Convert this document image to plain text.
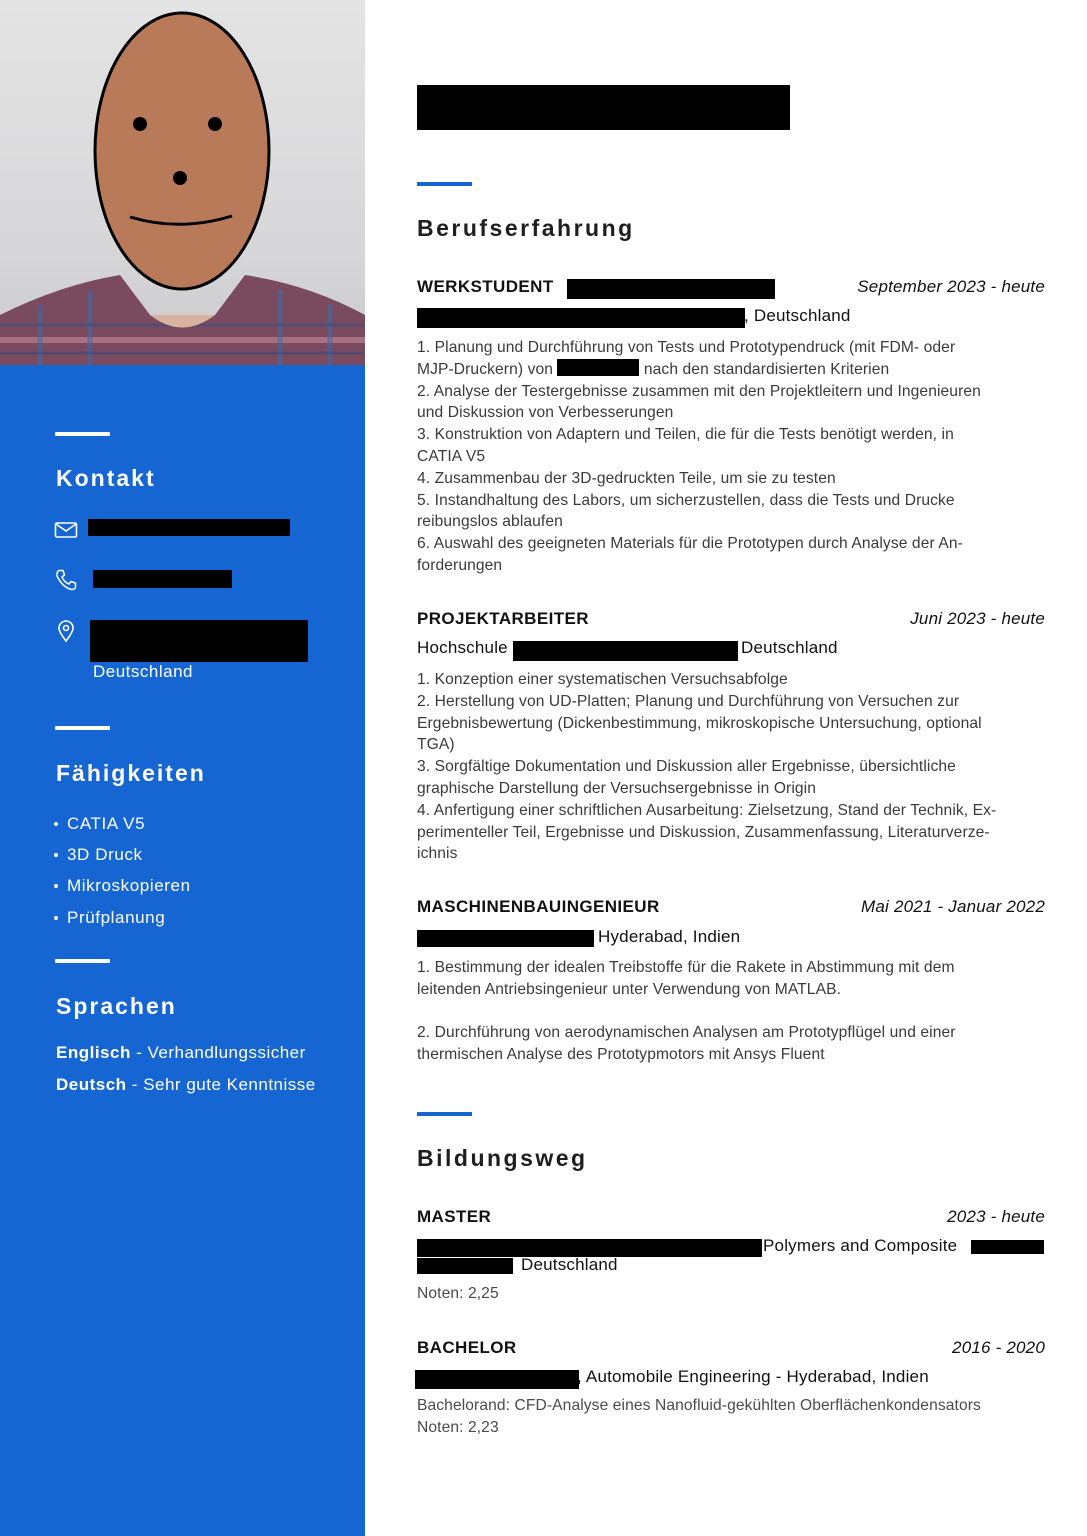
Kontakt
Deutschland
Fähigkeiten
CATIA V5
3D Druck
Mikroskopieren
Prüfplanung
Sprachen
Englisch - Verhandlungssicher
Deutsch - Sehr gute Kenntnisse
Berufserfahrung
WERKSTUDENT	September 2023 - heute
, Deutschland
1. Planung und Durchführung von Tests und Prototypendruck (mit FDM- oder
MJP-Druckern) von	nach den standardisierten Kriterien
2. Analyse der Testergebnisse zusammen mit den Projektleitern und Ingenieuren
und Diskussion von Verbesserungen
3. Konstruktion von Adaptern und Teilen, die für die Tests benötigt werden, in
CATIA V5
4. Zusammenbau der 3D-gedruckten Teile, um sie zu testen
5. Instandhaltung des Labors, um sicherzustellen, dass die Tests und Drucke
reibungslos ablaufen
6. Auswahl des geeigneten Materials für die Prototypen durch Analyse der An-
forderungen
PROJEKTARBEITER	Juni 2023 - heute
Hochschule	Deutschland
1. Konzeption einer systematischen Versuchsabfolge
2. Herstellung von UD-Platten; Planung und Durchführung von Versuchen zur
Ergebnisbewertung (Dickenbestimmung, mikroskopische Untersuchung, optional
TGA)
3. Sorgfältige Dokumentation und Diskussion aller Ergebnisse, übersichtliche
graphische Darstellung der Versuchsergebnisse in Origin
4. Anfertigung einer schriftlichen Ausarbeitung: Zielsetzung, Stand der Technik, Ex-
perimenteller Teil, Ergebnisse und Diskussion, Zusammenfassung, Literaturverze-
ichnis
MASCHINENBAUINGENIEUR	Mai 2021 - Januar 2022
Hyderabad, Indien
1. Bestimmung der idealen Treibstoffe für die Rakete in Abstimmung mit dem
leitenden Antriebsingenieur unter Verwendung von MATLAB.
2. Durchführung von aerodynamischen Analysen am Prototypflügel und einer
thermischen Analyse des Prototypmotors mit Ansys Fluent
Bildungsweg
MASTER	2023 - heute
Polymers and Composite
Deutschland
Noten: 2,25
BACHELOR	2016 - 2020
, Automobile Engineering - Hyderabad, Indien
Bachelorand: CFD-Analyse eines Nanofluid-gekühlten Oberflächenkondensators
Noten: 2,23
